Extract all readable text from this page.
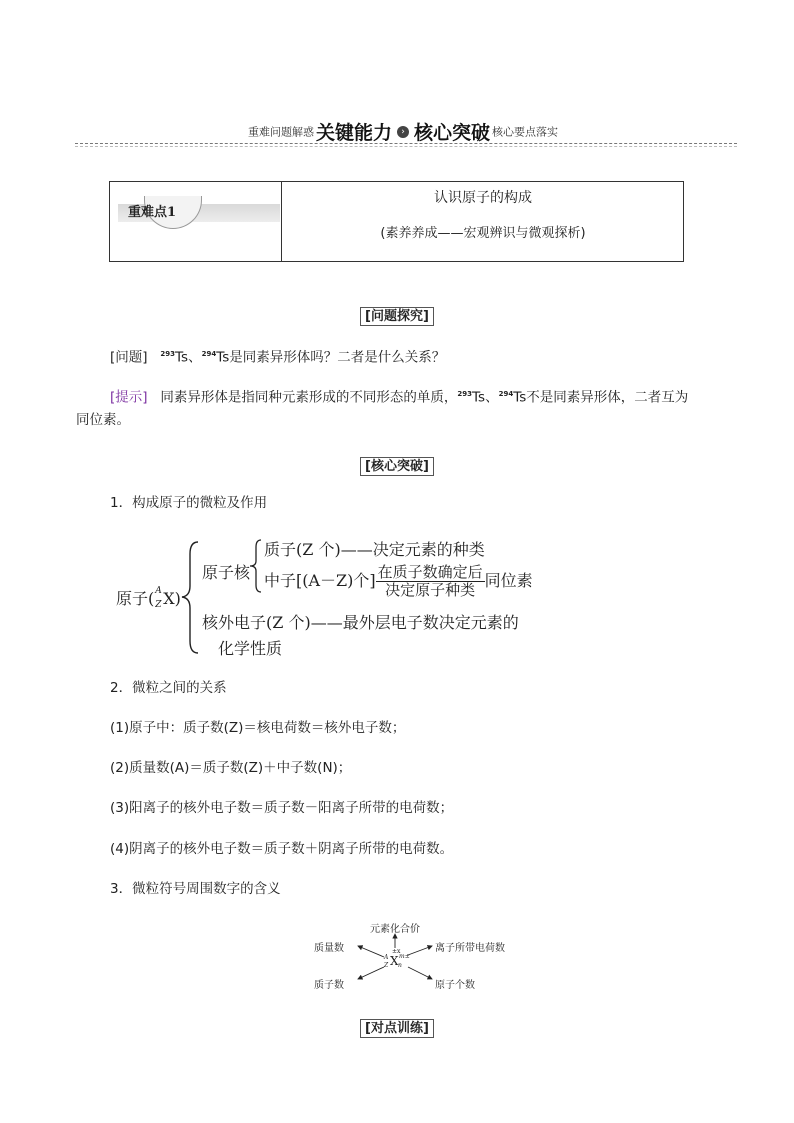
重难问题解惑 关键能力 › 核心突破 核心要点落实
重难点1
认识原子的构成
(素养养成——宏观辨识与微观探析)
[问题探究]
[问题] $^{293}$Ts、$^{294}$Ts是同素异形体吗？二者是什么关系？
[提示] 同素异形体是指同种元素形成的不同形态的单质，$^{293}$Ts、$^{294}$Ts不是同素异形体，二者互为
同位素。
[核心突破]
1．构成原子的微粒及作用
原子( A
Z X)
原子核
质子(Z 个)——决定元素的种类
中子[(A－Z)个] $\frac{\text{在质子数确定后}}{\text{决定原子种类}}$ 同位素
核外电子(Z 个)——最外层电子数决定元素的
化学性质
2．微粒之间的关系
(1)原子中：质子数(Z)＝核电荷数＝核外电子数；
(2)质量数(A)＝质子数(Z)＋中子数(N)；
(3)阳离子的核外电子数＝质子数－阳离子所带的电荷数；
(4)阴离子的核外电子数＝质子数＋阴离子所带的电荷数。
3．微粒符号周围数字的含义
元素化合价
质量数	离子所带电荷数
质子数	原子个数
±x
A
Z X m±
n
[对点训练]
